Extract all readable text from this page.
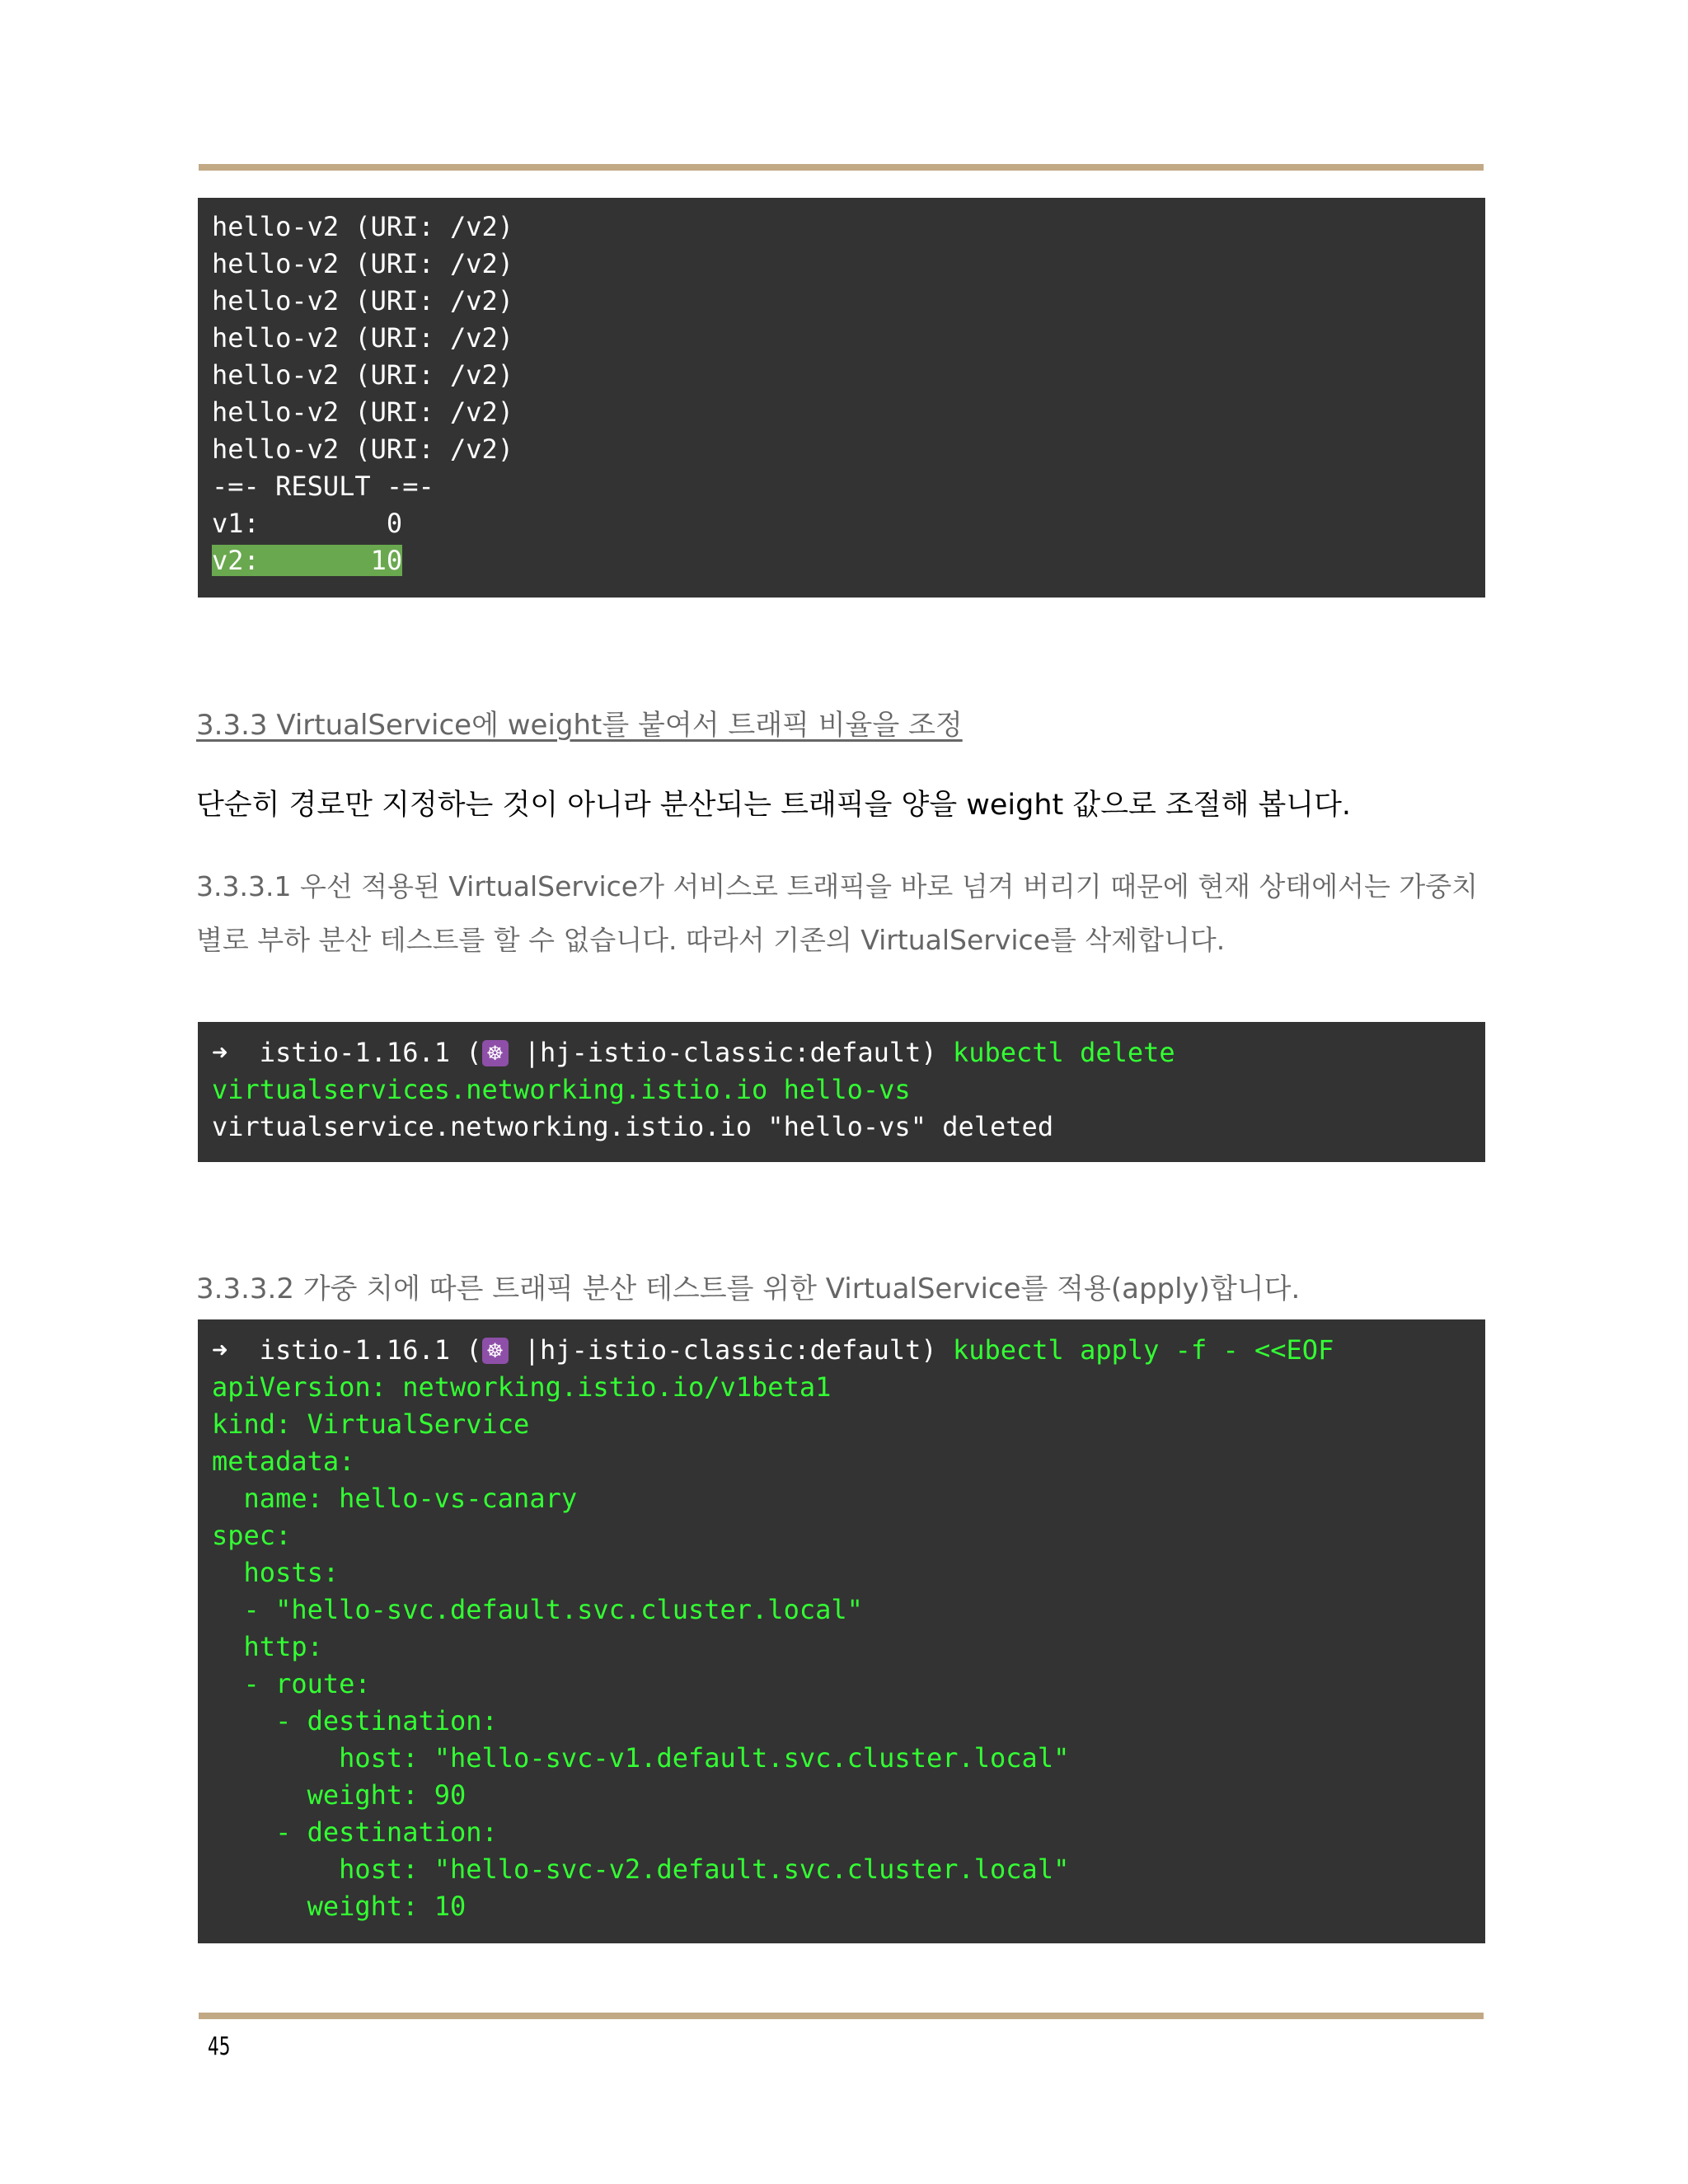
hello-v2 (URI: /v2)
hello-v2 (URI: /v2)
hello-v2 (URI: /v2)
hello-v2 (URI: /v2)
hello-v2 (URI: /v2)
hello-v2 (URI: /v2)
hello-v2 (URI: /v2)
-=- RESULT -=-
v1:        0
v2:       10
3.3.3 VirtualService에 weight를 붙여서 트래픽 비율을 조정
단순히 경로만 지정하는 것이 아니라 분산되는 트래픽을 양을 weight 값으로 조절해 봅니다.
3.3.3.1 우선 적용된 VirtualService가 서비스로 트래픽을 바로 넘겨 버리기 때문에 현재 상태에서는 가중치 별로 부하 분산 테스트를 할 수 없습니다. 따라서 기존의 VirtualService를 삭제합니다.
➜ istio-1.16.1 ( ☸ |hj-istio-classic:default) kubectl delete
virtualservices.networking.istio.io hello-vs
virtualservice.networking.istio.io "hello-vs" deleted
3.3.3.2 가중 치에 따른 트래픽 분산 테스트를 위한 VirtualService를 적용(apply)합니다.
➜ istio-1.16.1 ( ☸ |hj-istio-classic:default) kubectl apply -f - <<EOF
apiVersion: networking.istio.io/v1beta1
kind: VirtualService
metadata:
name: hello-vs-canary
spec:
hosts:
- "hello-svc.default.svc.cluster.local"
http:
- route:
- destination:
host: "hello-svc-v1.default.svc.cluster.local"
weight: 90
- destination:
host: "hello-svc-v2.default.svc.cluster.local"
weight: 10
45
